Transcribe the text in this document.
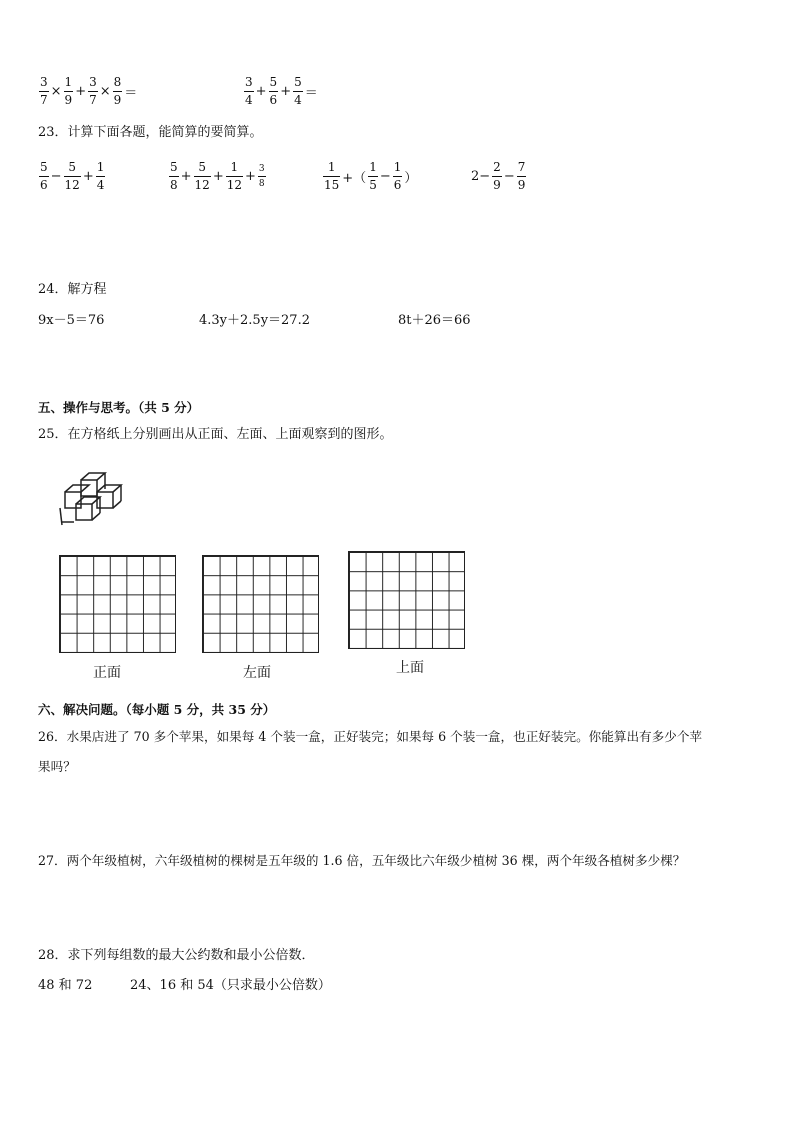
3
7
×
1
9
+
3
7
×
8
9 ＝
3
4
+
5
6
+
5
4 ＝
23．计算下面各题，能简算的要简算。
5
6
−
5
12
+
1
4
5
8
+
5
12
+
1
12
+ 3
8
1
15 +（
1
5
−
1
6 ）	2−
2
9
−
7
9
24．解方程
9x－5＝76	4.3y＋2.5y＝27.2	8t＋26＝66
五、操作与思考。（共 5 分）
25．在方格纸上分别画出从正面、左面、上面观察到的图形。
正面	左面	上面
六、解决问题。（每小题 5 分，共 35 分）
26．水果店进了 70 多个苹果，如果每 4 个装一盒，正好装完；如果每 6 个装一盒，也正好装完。你能算出有多少个苹
果吗？
27．两个年级植树，六年级植树的棵树是五年级的 1.6 倍，五年级比六年级少植树 36 棵，两个年级各植树多少棵？
28．求下列每组数的最大公约数和最小公倍数．
48 和 72	24、16 和 54（只求最小公倍数）
